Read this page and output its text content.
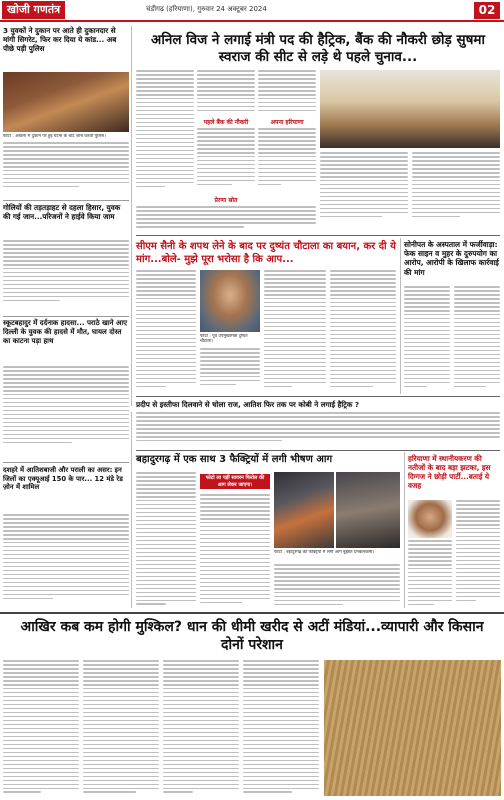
खोजी गणतंत्र	चंडीगढ़ (हरियाणा), गुरुवार 24 अक्टूबर 2024	02
3 युवकों ने दुकान पर आते ही दुकानदार से मांगी सिगरेट, फिर कर दिया ये कांड... अब पीछे पड़ी पुलिस
फोटो : अंबाला में दुकान पर हुई घटना के बाद जांच करती पुलिस।
गोलियों की तड़तड़ाहट से दहला हिसार, युवक की गई जान...परिजनों ने हाईवे किया जाम
स्कूटबहादुर में दर्दनाक हादसा... पराठे खाने आए दिल्ली के युवक की हादसे में मौत, घायल दोस्त का काटना पड़ा हाथ
दशहरे में आतिशबाजी और पराली का असर: इन जिलों का एक्यूआई 150 के पार... 12 मंडे रेड ज़ोन में शामिल
अनिल विज ने लगाई मंत्री पद की हैट्रिक, बैंक की नौकरी छोड़ सुषमा स्वराज की सीट से लड़े थे पहले चुनाव...
पहले बैंक की नौकरी	अपना हरियाणा
प्रेरणा स्रोत
सीएम सैनी के शपथ लेने के बाद पर दुष्यंत चौटाला का बयान, कर दी ये मांग...बोले- मुझे पूरा भरोसा है कि आप...
फोटो : पूर्व उपमुख्यमंत्री दुष्यंत चौटाला।
सोनीपत के अस्पताल में फर्जीवाड़ा: फेक साइन व मुहर के दुरुपयोग का आरोप, आरोपी के खिलाफ कार्रवाई की मांग
प्रदीप से इस्तीफा दिलवाने से चोला राज, आतिश फिर तक पर कोबी ने लगाई हैट्रिक ?
बहादुरगढ़ में एक साथ 3 फैक्ट्रियों में लगी भीषण आग
फोटो ला पड़ीं सायरन फिरोल की आग लेकर जाएगा।
फोटो : बहादुरगढ़ की फैक्ट्रियों में लगी आग बुझाते दमकलकर्मी।
हरियाणा में स्थानीयकरण की नतीजों के बाद बड़ा झटका, इस दिग्गज ने छोड़ी पार्टी...बताई ये वजह
आखिर कब कम होगी मुश्किल? धान की धीमी खरीद से अटीं मंडियां...व्यापारी और किसान दोनों परेशान
